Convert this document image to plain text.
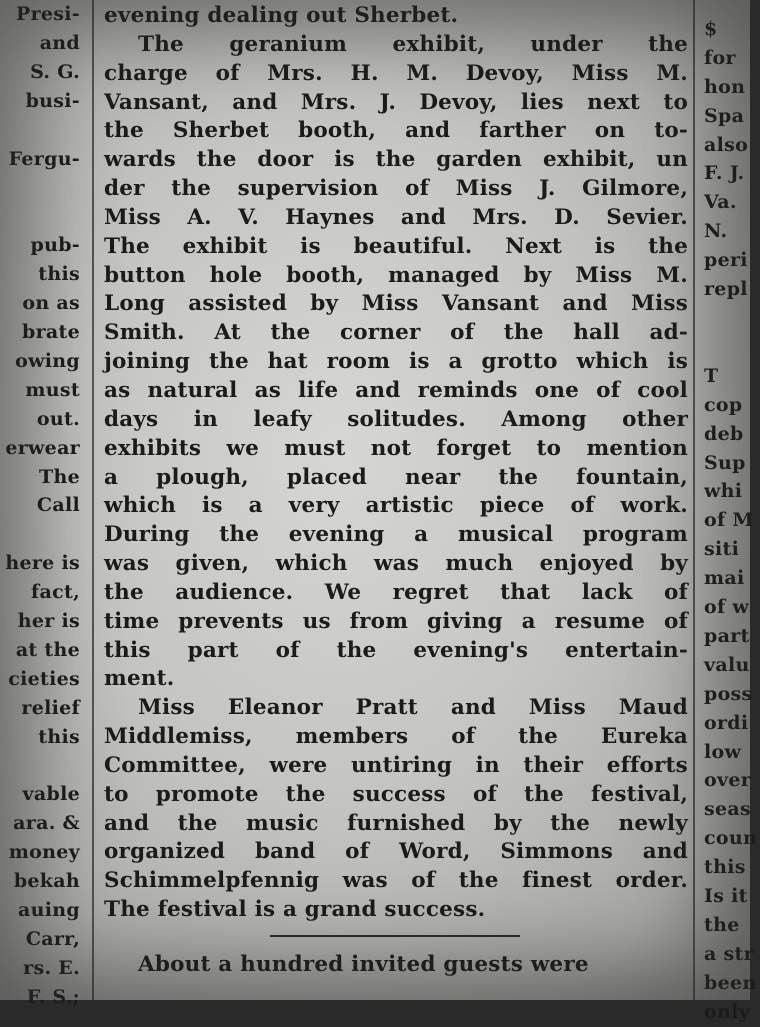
Presi-

and

S. G.

busi-

Fergu-

pub-

this

on as

brate

owing

must

out.

erwear

The

Call

here is

fact,

her is

at the

cieties

relief

this

vable

ara. &

money

bekah

auing

Carr,

rs. E.

F. S.;

evening dealing out Sherbet.

The geranium exhibit, under the

charge of Mrs. H. M. Devoy, Miss M.

Vansant, and Mrs. J. Devoy, lies next to

the Sherbet booth, and farther on to-

wards the door is the garden exhibit, un

der the supervision of Miss J. Gilmore,

Miss A. V. Haynes and Mrs. D. Sevier.

The exhibit is beautiful. Next is the

button hole booth, managed by Miss M.

Long assisted by Miss Vansant and Miss

Smith. At the corner of the hall ad-

joining the hat room is a grotto which is

as natural as life and reminds one of cool

days in leafy solitudes. Among other

exhibits we must not forget to mention

a plough, placed near the fountain,

which is a very artistic piece of work.

During the evening a musical program

was given, which was much enjoyed by

the audience. We regret that lack of

time prevents us from giving a resume of

this part of the evening's entertain-

ment.

Miss Eleanor Pratt and Miss Maud

Middlemiss, members of the Eureka

Committee, were untiring in their efforts

to promote the success of the festival,

and the music furnished by the newly

organized band of Word, Simmons and

Schimmelpfennig was of the finest order.

The festival is a grand success.

About a hundred invited guests were

$

for

hon

Spa

also

F. J.

Va.

N.

peri

repl

T

cop

deb

Sup

whi

of M

siti

mai

of w

part

valu

poss

ordi

low

over

seas

coun

this

Is it

the

a str

been

only
